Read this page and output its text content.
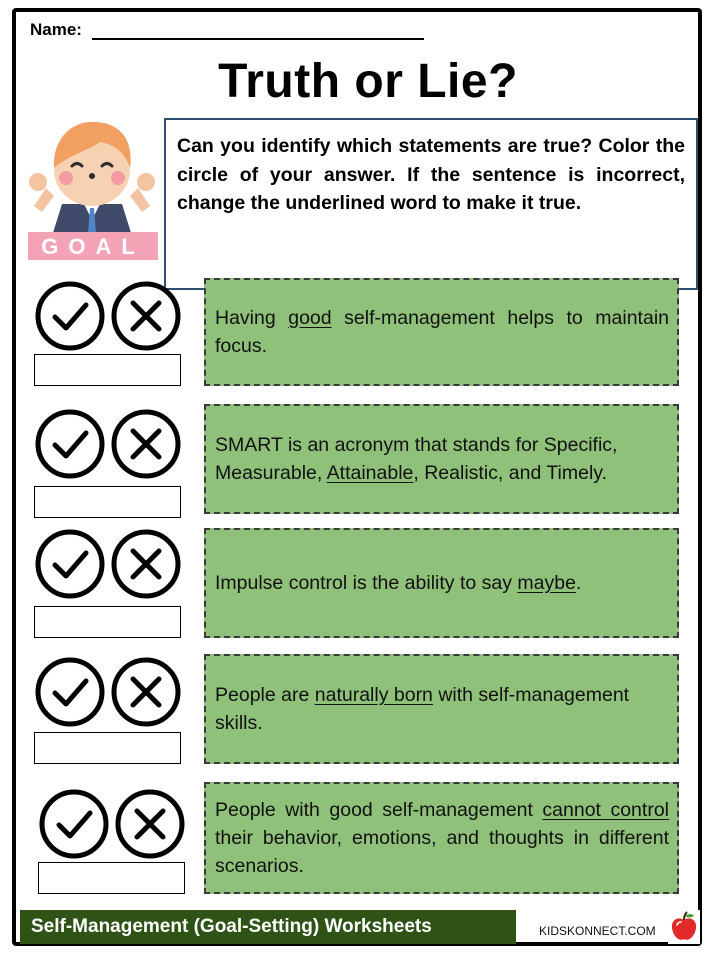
Name:
Truth or Lie?
GOAL
Can you identify which statements are true? Color the circle of your answer. If the sentence is incorrect, change the underlined word to make it true.
Having good self-management helps to maintain focus.
SMART is an acronym that stands for Specific, Measurable, Attainable, Realistic, and Timely.
Impulse control is the ability to say maybe.
People are naturally born with self-management skills.
People with good self-management cannot control their behavior, emotions, and thoughts in different scenarios.
Self-Management (Goal-Setting) Worksheets	KIDSKONNECT.COM
